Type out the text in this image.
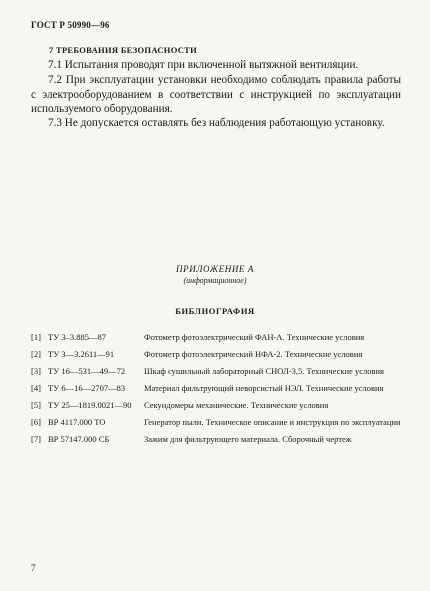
ГОСТ Р 50990—96
7 ТРЕБОВАНИЯ БЕЗОПАСНОСТИ

7.1 Испытания проводят при включенной вытяжной вентиляции.

7.2 При эксплуатации установки необходимо соблюдать правила работы с электрооборудованием в соответствии с инструкцией по эксплуатации используемого оборудования.

7.3 Не допускается оставлять без наблюдения работающую установку.

ПРИЛОЖЕНИЕ А
(информационное)
БИБЛИОГРАФИЯ
[1] ТУ 3–3.885—87	Фотометр фотоэлектрический ФАН-А. Технические условия
[2] ТУ 3—3.2611—91	Фотометр фотоэлектрический НФА-2. Технические условия
[3] ТУ 16—531—49—72	Шкаф сушильный лабораторный СНОЛ-3,5. Технические условия
[4] ТУ 6—16—2707—83	Материал фильтрующий неворсистый НЭЛ. Технические условия
[5] ТУ 25—1819.0021—90	Секундомеры механические. Технические условия
[6] ВР 4117.000 ТО	Генератор пыли. Техническое описание и инструкция по эксплуатации
[7] ВР 57147.000 СБ	Зажим для фильтрующего материала. Сборочный чертеж
7
